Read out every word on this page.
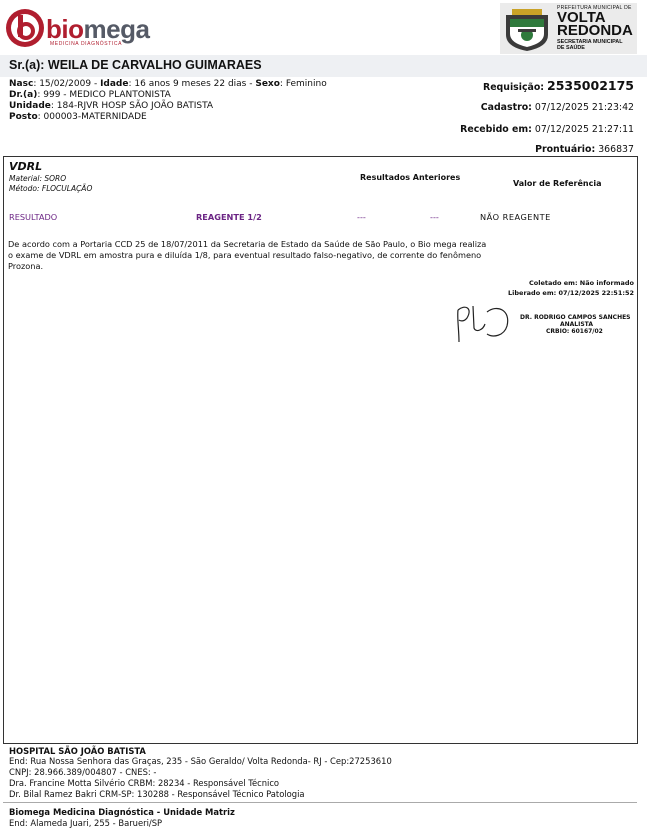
biomega
MEDICINA DIAGNÓSTICA
PREFEITURA MUNICIPAL DE
VOLTA
REDONDA
SECRETARIA MUNICIPAL
DE SAÚDE
Sr.(a): WEILA DE CARVALHO GUIMARAES
Nasc: 15/02/2009 - Idade: 16 anos 9 meses 22 dias - Sexo: Feminino
Dr.(a): 999 - MEDICO PLANTONISTA
Unidade: 184-RJVR HOSP SÃO JOÃO BATISTA
Posto: 000003-MATERNIDADE
Requisição: 2535002175
Cadastro: 07/12/2025 21:23:42
Recebido em: 07/12/2025 21:27:11
Prontuário: 366837
VDRL
Material: SORO
Método: FLOCULAÇÃO
Resultados Anteriores
Valor de Referência
RESULTADO	REAGENTE 1/2	---	---	NÃO REAGENTE
De acordo com a Portaria CCD 25 de 18/07/2011 da Secretaria de Estado da Saúde de São Paulo, o Bio mega realiza o exame de VDRL em amostra pura e diluída 1/8, para eventual resultado falso-negativo, de corrente do fenômeno Prozona.
Coletado em: Não informado
Liberado em: 07/12/2025 22:51:52
DR. RODRIGO CAMPOS SANCHES
ANALISTA
CRBIO: 60167/02
HOSPITAL SÃO JOÃO BATISTA
End: Rua Nossa Senhora das Graças, 235 - São Geraldo/ Volta Redonda- RJ - Cep:27253610
CNPJ: 28.966.389/004807 - CNES: -
Dra. Francine Motta Silvério CRBM: 28234 - Responsável Técnico
Dr. Bilal Ramez Bakri CRM-SP: 130288 - Responsável Técnico Patologia
Biomega Medicina Diagnóstica - Unidade Matriz
End: Alameda Juari, 255 - Barueri/SP
